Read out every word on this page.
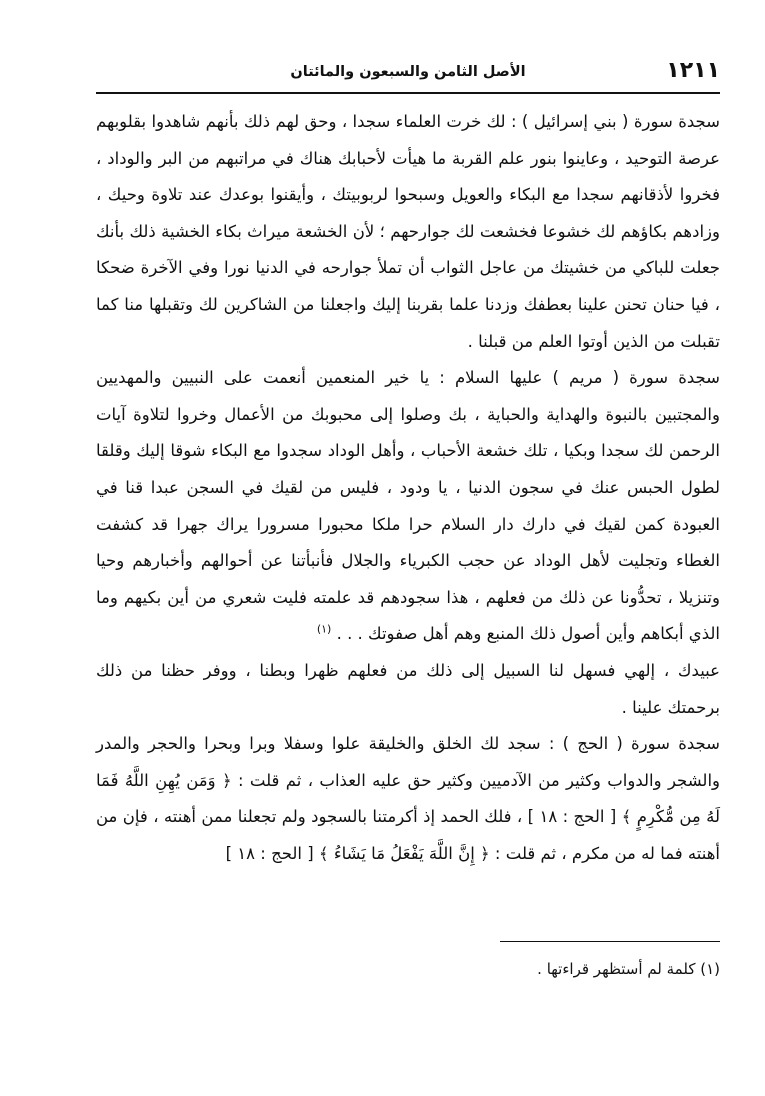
١٢١١
الأصل الثامن والسبعون والمائتان

سجدة سورة ( بني إسرائيل ) : لك خرت العلماء سجدا ، وحق لهم ذلك بأنهم شاهدوا بقلوبهم عرصة التوحيد ، وعاينوا بنور علم القربة ما هيأت لأحبابك هناك في مراتبهم من البر والوداد ، فخروا لأذقانهم سجدا مع البكاء والعويل وسبحوا لربوبيتك ، وأيقنوا بوعدك عند تلاوة وحيك ، وزادهم بكاؤهم لك خشوعا فخشعت لك جوارحهم ؛ لأن الخشعة ميراث بكاء الخشية ذلك بأنك جعلت للباكي من خشيتك من عاجل الثواب أن تملأ جوارحه في الدنيا نورا وفي الآخرة ضحكا ، فيا حنان تحنن علينا بعطفك وزدنا علما بقربنا إليك واجعلنا من الشاكرين لك وتقبلها منا كما تقبلت من الذين أوتوا العلم من قبلنا .

سجدة سورة ( مريم ) عليها السلام : يا خير المنعمين أنعمت على النبيين والمهديين والمجتبين بالنبوة والهداية والحباية ، بك وصلوا إلى محبوبك من الأعمال وخروا لتلاوة آيات الرحمن لك سجدا وبكيا ، تلك خشعة الأحباب ، وأهل الوداد سجدوا مع البكاء شوقا إليك وقلقا لطول الحبس عنك في سجون الدنيا ، يا ودود ، فليس من لقيك في السجن عبدا قنا في العبودة كمن لقيك في دارك دار السلام حرا ملكا محبورا مسرورا يراك جهرا قد كشفت الغطاء وتجليت لأهل الوداد عن حجب الكبرياء والجلال فأنبأتنا عن أحوالهم وأخبارهم وحيا وتنزيلا ، تحدُّونا عن ذلك من فعلهم ، هذا سجودهم قد علمته فليت شعري من أين بكيهم وما الذي أبكاهم وأين أصول ذلك المنبع وهم أهل صفوتك . . . $^{(١)}$

عبيدك ، إلهي فسهل لنا السبيل إلى ذلك من فعلهم ظهرا وبطنا ، ووفر حظنا من ذلك برحمتك علينا .

سجدة سورة ( الحج ) : سجد لك الخلق والخليقة علوا وسفلا وبرا وبحرا والحجر والمدر والشجر والدواب وكثير من الآدميين وكثير حق عليه العذاب ، ثم قلت : ﴿ وَمَن يُهِنِ اللَّهُ فَمَا لَهُ مِن مُّكْرِمٍ ﴾ [ الحج : ١٨ ] ، فلك الحمد إذ أكرمتنا بالسجود ولم تجعلنا ممن أهنته ، فإن من أهنته فما له من مكرم ، ثم قلت : ﴿ إِنَّ اللَّهَ يَفْعَلُ مَا يَشَاءُ ﴾ [ الحج : ١٨ ]

(١) كلمة لم أستظهر قراءتها .
